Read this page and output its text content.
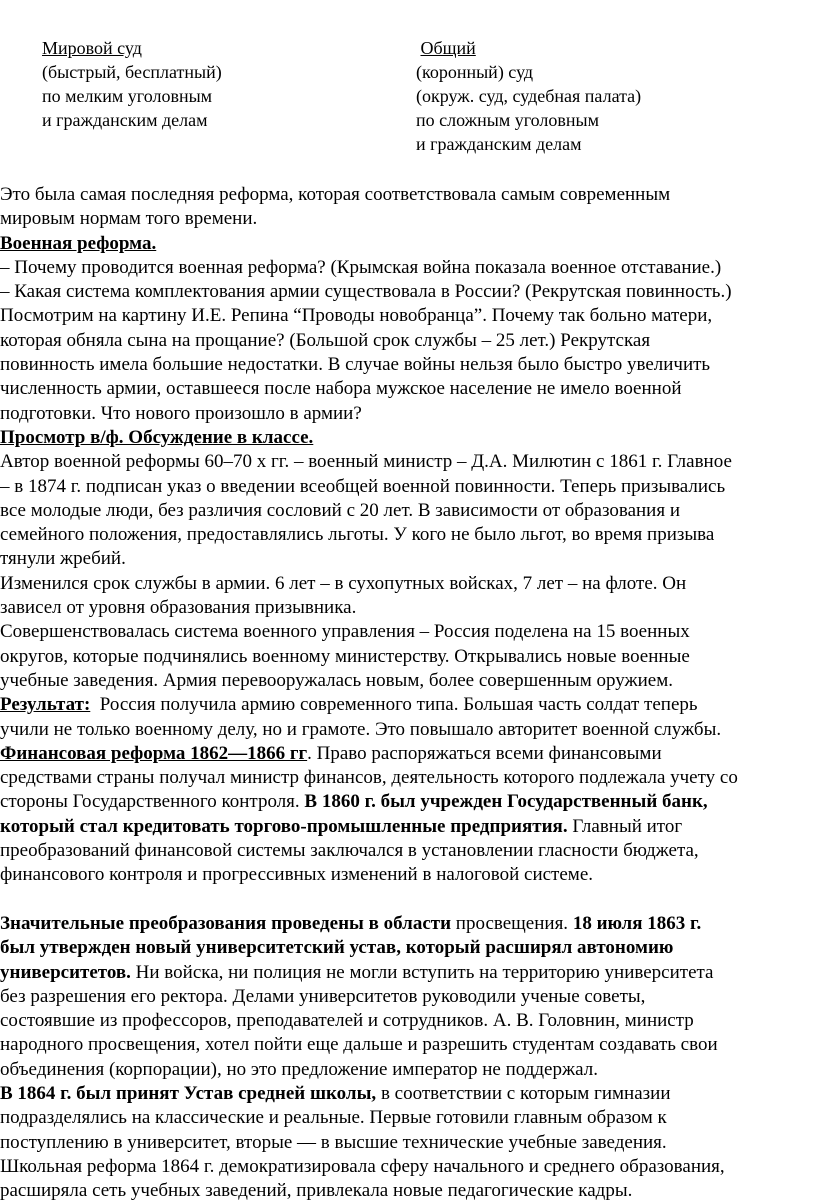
Мировой суд
(быстрый, бесплатный)
по мелким уголовным
и гражданским делам
Общий
(коронный) суд
(окруж. суд, судебная палата)
по сложным уголовным
и гражданским делам
Это была самая последняя реформа, которая соответствовала самым современным
мировым нормам того времени.
Военная реформа.
– Почему проводится военная реформа? (Крымская война показала военное отставание.)
– Какая система комплектования армии существовала в России? (Рекрутская повинность.)
Посмотрим на картину И.Е. Репина “Проводы новобранца”. Почему так больно матери,
которая обняла сына на прощание? (Большой срок службы – 25 лет.) Рекрутская
повинность имела большие недостатки. В случае войны нельзя было быстро увеличить
численность армии, оставшееся после набора мужское население не имело военной
подготовки. Что нового произошло в армии?
Просмотр в/ф. Обсуждение в классе.
Автор военной реформы 60–70 х гг. – военный министр – Д.А. Милютин с 1861 г. Главное
– в 1874 г. подписан указ о введении всеобщей военной повинности. Теперь призывались
все молодые люди, без различия сословий с 20 лет. В зависимости от образования и
семейного положения, предоставлялись льготы. У кого не было льгот, во время призыва
тянули жребий.
Изменился срок службы в армии. 6 лет – в сухопутных войсках, 7 лет – на флоте. Он
зависел от уровня образования призывника.
Совершенствовалась система военного управления – Россия поделена на 15 военных
округов, которые подчинялись военному министерству. Открывались новые военные
учебные заведения. Армия перевооружалась новым, более совершенным оружием.
Результат:  Россия получила армию современного типа. Большая часть солдат теперь
учили не только военному делу, но и грамоте. Это повышало авторитет военной службы.
Финансовая реформа 1862—1866 гг. Право распоряжаться всеми финансовыми
средствами страны получал министр финансов, деятельность которого подлежала учету со
стороны Государственного контроля. В 1860 г. был учрежден Государственный банк,
который стал кредитовать торгово-промышленные предприятия. Главный итог
преобразований финансовой системы заключался в установлении гласности бюджета,
финансового контроля и прогрессивных изменений в налоговой системе.
Значительные преобразования проведены в области просвещения. 18 июля 1863 г.
был утвержден новый университетский устав, который расширял автономию
университетов. Ни войска, ни полиция не могли вступить на территорию университета
без разрешения его ректора. Делами университетов руководили ученые советы,
состоявшие из профессоров, преподавателей и сотрудников. А. В. Головнин, министр
народного просвещения, хотел пойти еще дальше и разрешить студентам создавать свои
объединения (корпорации), но это предложение император не поддержал.
В 1864 г. был принят Устав средней школы, в соответствии с которым гимназии
подразделялись на классические и реальные. Первые готовили главным образом к
поступлению в университет, вторые — в высшие технические учебные заведения.
Школьная реформа 1864 г. демократизировала сферу начального и среднего образования,
расширяла сеть учебных заведений, привлекала новые педагогические кадры.
